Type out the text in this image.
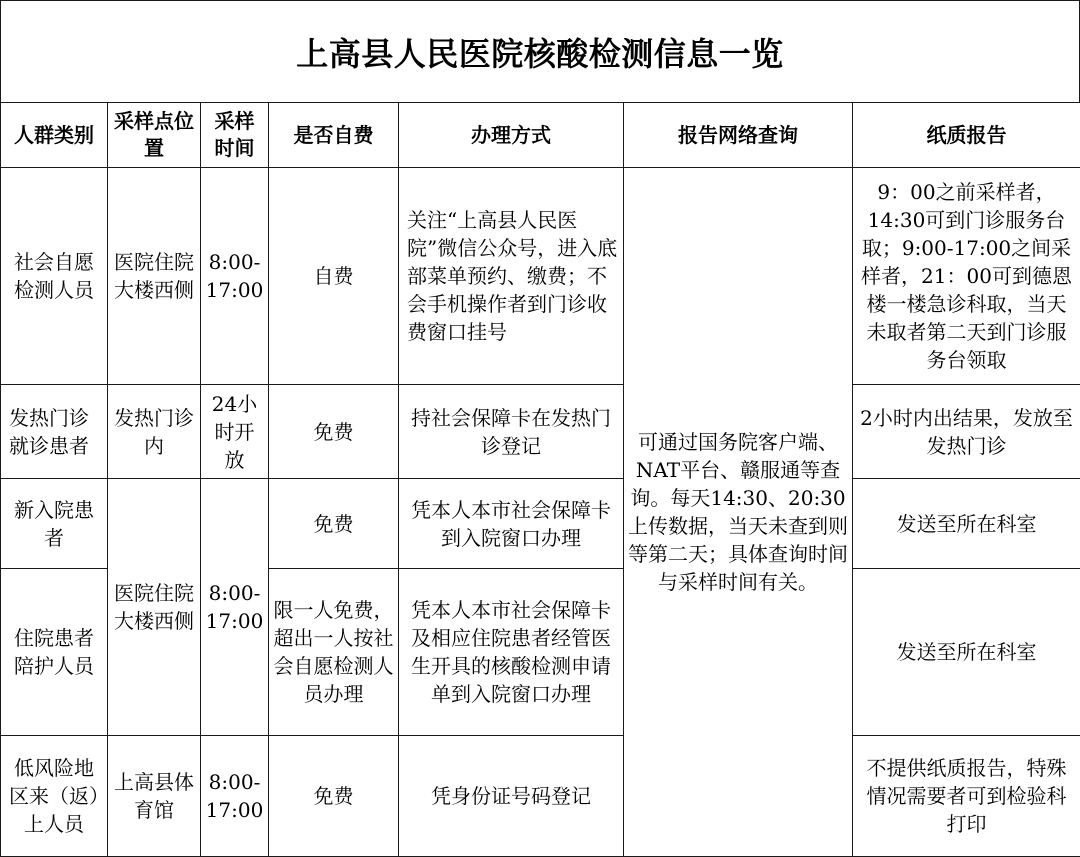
上高县人民医院核酸检测信息一览
人群类别	采样点位置	采样时间	是否自费	办理方式	报告网络查询	纸质报告
社会自愿检测人员	医院住院大楼西侧	8:00-17:00	自费	关注“上高县人民医院”微信公众号，进入底部菜单预约、缴费；不会手机操作者到门诊收费窗口挂号	可通过国务院客户端、NAT平台、赣服通等查询。每天14:30、20:30上传数据，当天未查到则等第二天；具体查询时间与采样时间有关。	9：00之前采样者，14:30可到门诊服务台取；9:00-17:00之间采样者，21：00可到德恩楼一楼急诊科取，当天未取者第二天到门诊服务台领取
发热门诊就诊患者	发热门诊内	24小时开放	免费	持社会保障卡在发热门诊登记		2小时内出结果，发放至发热门诊
新入院患者	医院住院大楼西侧	8:00-17:00	免费	凭本人本市社会保障卡到入院窗口办理		发送至所在科室
住院患者陪护人员			限一人免费，超出一人按社会自愿检测人员办理	凭本人本市社会保障卡及相应住院患者经管医生开具的核酸检测申请单到入院窗口办理		发送至所在科室
低风险地区来（返）上人员	上高县体育馆	8:00-17:00	免费	凭身份证号码登记		不提供纸质报告，特殊情况需要者可到检验科打印
